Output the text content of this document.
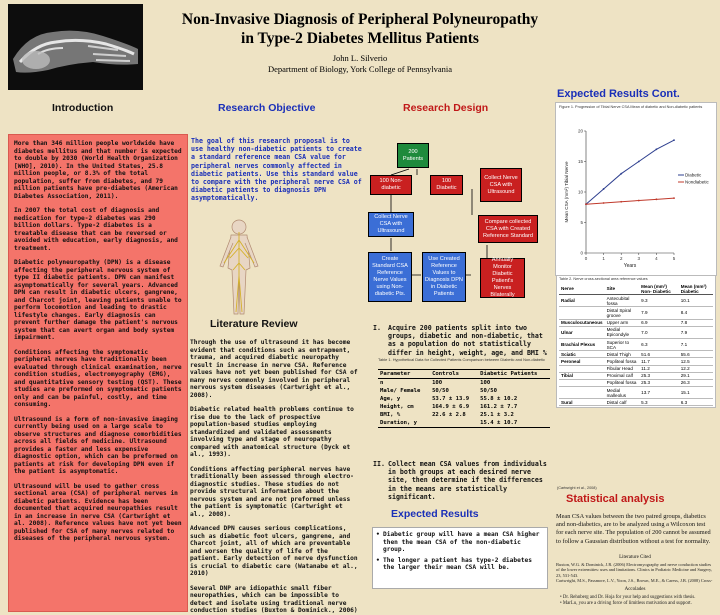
Non-Invasive Diagnosis of Peripheral Polyneuropathy
in Type-2 Diabetes Mellitus Patients
John L. Silverio
Department of Biology, York College of Pennsylvania
Introduction	Research Objective	Research Design
Expected Results Cont.

More than 346 million people worldwide have diabetes mellitus and that number is expected to double by 2030 (World Health Organization [WHO], 2010). In the United States, 25.8 million people, or 8.3% of the total population, suffer from diabetes, and 79 million patients have pre-diabetes (American Diabetes Association, 2011).

In 2007 the total cost of diagnosis and medication for type-2 diabetes was 290 billion dollars. Type-2 diabetes is a treatable disease that can be reversed or avoided with education, early diagnosis, and treatment.

Diabetic polyneuropathy (DPN) is a disease affecting the peripheral nervous system of type II diabetic patients. DPN can manifest asymptomatically for several years. Advanced DPN can result in diabetic ulcers, gangrene, and Charcot joint, leaving patients unable to perform locomotion and leading to drastic lifestyle changes. Early diagnosis can prevent further damage the patient's nervous system that can avert organ and body system impairment.

Conditions affecting the symptomatic peripheral nerves have traditionally been evaluated through clinical examination, nerve condition studies, electromyography (EMG), and quantitative sensory testing (QST). These studies are preformed on symptomatic patients only and can be painful, costly, and time consuming.

Ultrasound is a form of non-invasive imaging currently being used on a large scale to observe structures and diagnose comorbidities across all fields of medicine. Ultrasound provides a faster and less expensive diagnostic option, which can be preformed on patients at risk for developing DPN even if the patient is asymptomatic.

Ultrasound will be used to gather cross sectional area (CSA) of peripheral nerves in diabetic patients. Evidence has been documented that acquired neuropathies result in an increase in nerve CSA (Cartwright et al. 2008). Reference values have not yet been published for CSA of many nerves related to diseases of the peripheral nervous system.

The goal of this research proposal is to use healthy non-diabetic patients to create a standard reference mean CSA value for peripheral nerves commonly affected in diabetic patients. Use this standard value to compare with the peripheral nerve CSA of diabetic patients to diagnosis DPN asymptomatically.
Literature Review

Through the use of ultrasound it has become evident that conditions such as entrapment, trauma, and acquired diabetic neuropathy result in increase in nerve CSA. Reference values have not yet been published for CSA of many nerves commonly involved in peripheral nervous system diseases (Cartwright et al., 2008).

Diabetic related health problems continue to rise due to the lack of prospective population-based studies employing standardized and validated assessments involving type and stage of neuropathy compared with anatomical structure (Dyck et al., 1993).

Conditions affecting peripheral nerves have traditionally been assessed through electro-diagnostic studies. These studies do not provide structural information about the nervous system and are not preformed unless the patient is symptomatic (Cartwright et al., 2008).

Advanced DPN causes serious complications, such as diabetic foot ulcers, gangrene, and Charcot joint, all of which are preventable and worsen the quality of life of the patient. Early detection of nerve dysfunction is crucial to diabetic care (Watanabe et al., 2010)

Several DNP are idiopathic small fiber neuropathies, which can be impossible to detect and isolate using traditional nerve conduction studies (Buxton & Dominick., 2006)

200 Patients
100 Non-diabetic
100 Diabetic
Collect Nerve CSA with Ultrasound
Collect Nerve CSA with Ultrasound
Compare collected CSA with Created Reference Standard
Create Standard CSA Reference Nerve Values using Non-diabetic Pts.
Use Created Reference Values to Diagnosis DPN in Diabetic Patients
Annually Monitor Diabetic Patient's Nerves Bilaterally
I.	Acquire 200 patients split into two groups, diabetic and non-diabetic, that as a population do not statistically differ in height, weight, age, and BMI %
Table 1. Hypothetical Data for Collected Patients Comparison between Diabetic and Non-diabetic
Parameter	Controls	Diabetic Patients
n	100	100
Male/ Female	50/50	50/50
Age, y	53.7 ± 13.9	55.8 ± 10.2
Height, cm	164.9 ± 6.9	161.2 ± 7.7
BMI, %	22.6 ± 2.8	25.1 ± 3.2
Duration, y		15.4 ± 10.7
II. Collect mean CSA values from individuals in both groups at each desired nerve site, then determine if the differences in the means are statistically significant.
Expected Results
• Diabetic group will have a mean CSA higher then the mean CSA of the non-diabetic group.
• The longer a patient has type-2 diabetes the larger their mean CSA will be.
Figure 1. Progression of Tibial Nerve CSA Mean of diabetic and Non-diabetic patients
0
5
10
15
20
0	1	2	3	4	5
Years
Mean CSA (mm²) Tibial Nerve	Diabetic
Nondiabetic
Table 2. Nerve cross-sectional area reference values
Nerve	Site	Mean (mm²) Non- Diabetic	Mean (mm²) Diabetic
Radial	Antecubital fossa	9.3	10.1
	Distal Spiral groove	7.9	8.4
Musculocutaneous	Upper arm	6.9	7.8
Ulnar	Medial Epicondyle	7.0	7.9
Brachial Plexus	Superior to SCA	6.3	7.1
Sciatic	Distal Thigh	51.6	55.6
Peroneal	Popliteal fossa	11.7	12.5
	Fibular Head	11.2	12.2
Tibial	Proximal calf	25.3	29.1
	Popliteal fossa	25.3	26.3
	Medial malleolus	13.7	15.1
Sural	Distal calf	5.3	6.3
(Cartwright et al., 2008)
Statistical analysis
Mean CSA values between the two paired groups, diabetics and non-diabetics, are to be analyzed using a Wilcoxon test for each nerve site. The population of 200 cannot be assumed to follow a Gaussian distribution without a test for normality.
Literature Cited
Buxton, W.G. & Dominick, J.R. (2006) Electromyography and nerve conduction studies of the lower extremities: uses and limitations. Clinics in Podiatric Medicine and Surgery, 23, 531-543.
Cartwright, M.S., Passmore, L.V., Yoon, J.S., Brown, M.E., & Caress, J.B. (2008) Cross-
Accolades
• Dr. Rehnberg and Dr. Hoja for your help and suggestions with thesis.
• MarLu, you are a driving force of limitless motivation and support.
